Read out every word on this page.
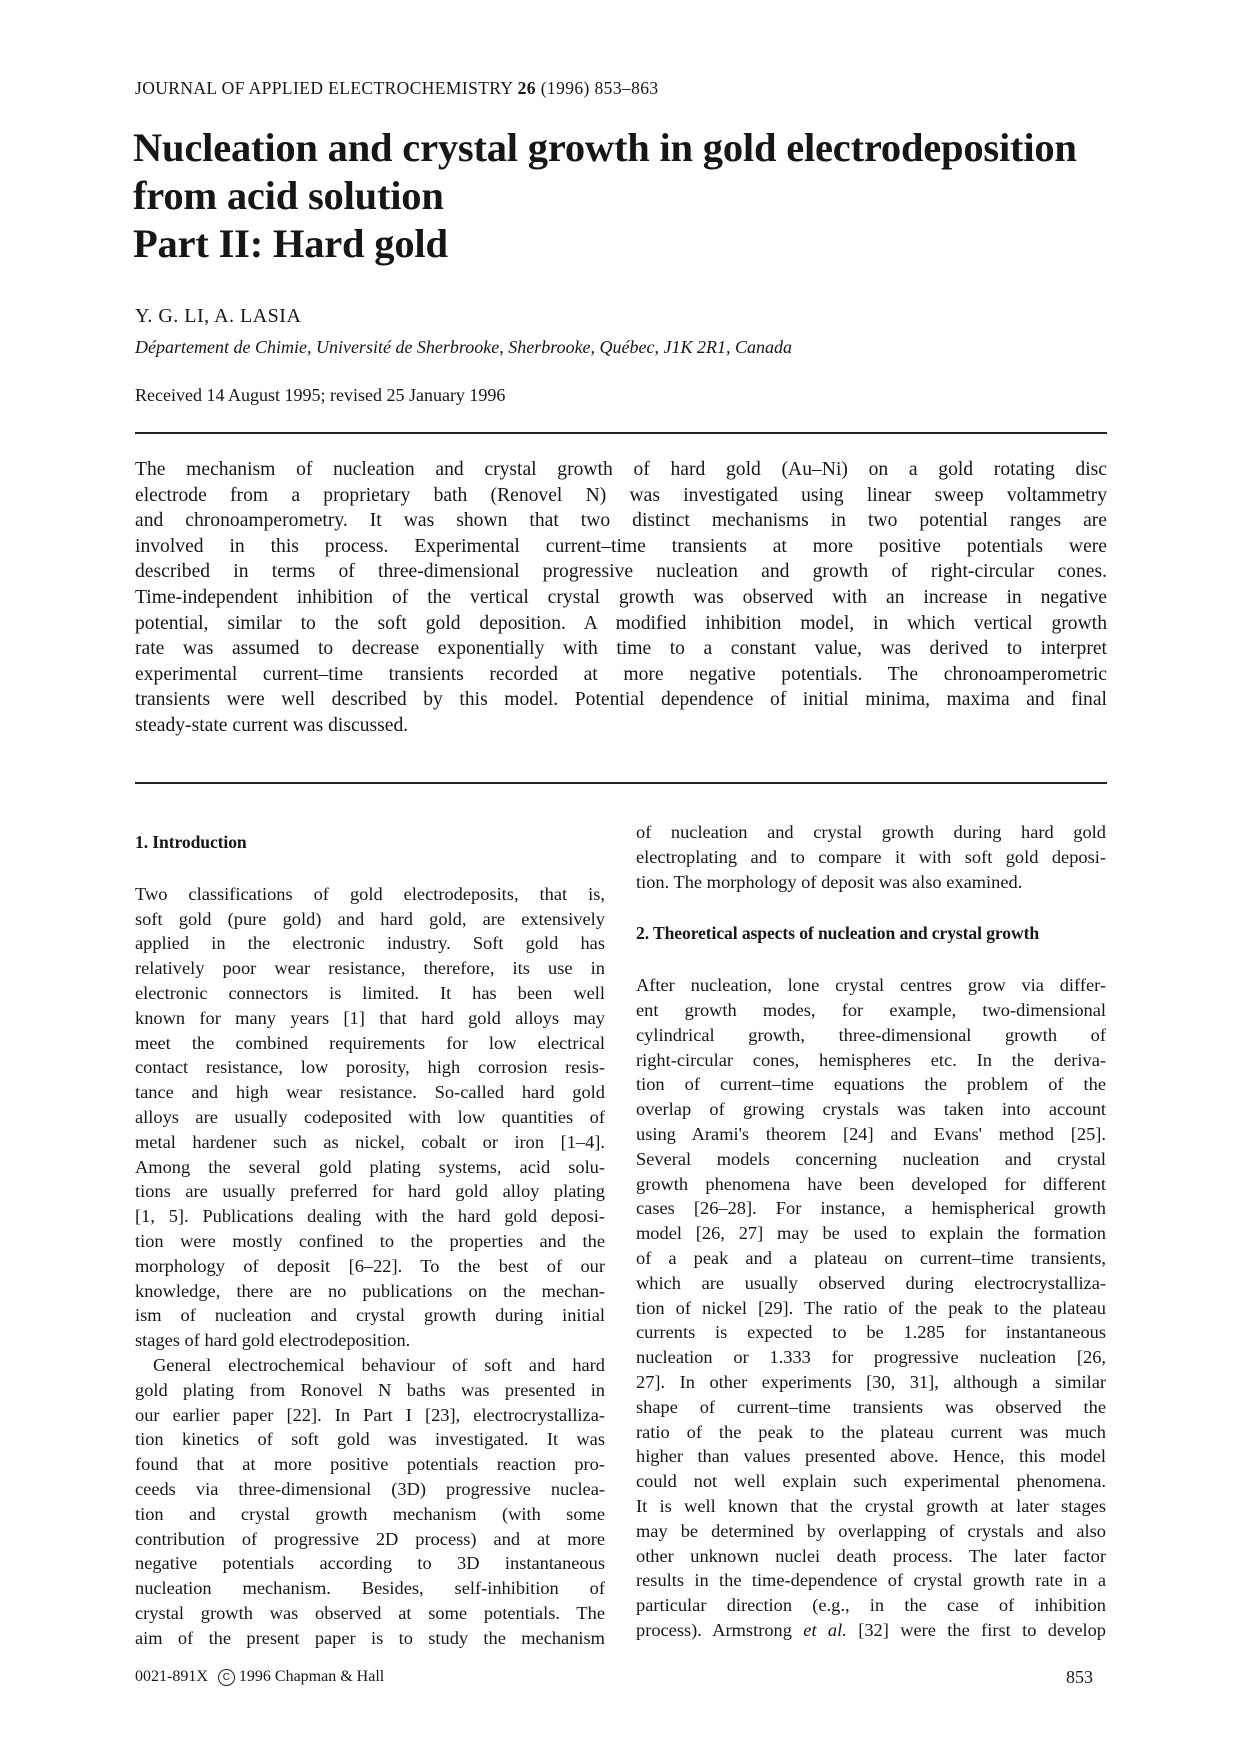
JOURNAL OF APPLIED ELECTROCHEMISTRY 26 (1996) 853–863
Nucleation and crystal growth in gold electrodeposition
from acid solution
Part II: Hard gold
Y. G. LI, A. LASIA
Département de Chimie, Université de Sherbrooke, Sherbrooke, Québec, J1K 2R1, Canada
Received 14 August 1995; revised 25 January 1996
The mechanism of nucleation and crystal growth of hard gold (Au–Ni) on a gold rotating disc
electrode from a proprietary bath (Renovel N) was investigated using linear sweep voltammetry
and chronoamperometry. It was shown that two distinct mechanisms in two potential ranges are
involved in this process. Experimental current–time transients at more positive potentials were
described in terms of three-dimensional progressive nucleation and growth of right-circular cones.
Time-independent inhibition of the vertical crystal growth was observed with an increase in negative
potential, similar to the soft gold deposition. A modified inhibition model, in which vertical growth
rate was assumed to decrease exponentially with time to a constant value, was derived to interpret
experimental current–time transients recorded at more negative potentials. The chronoamperometric
transients were well described by this model. Potential dependence of initial minima, maxima and final
steady-state current was discussed.
1. Introduction
Two classifications of gold electrodeposits, that is,
soft gold (pure gold) and hard gold, are extensively
applied in the electronic industry. Soft gold has
relatively poor wear resistance, therefore, its use in
electronic connectors is limited. It has been well
known for many years [1] that hard gold alloys may
meet the combined requirements for low electrical
contact resistance, low porosity, high corrosion resis-
tance and high wear resistance. So-called hard gold
alloys are usually codeposited with low quantities of
metal hardener such as nickel, cobalt or iron [1–4].
Among the several gold plating systems, acid solu-
tions are usually preferred for hard gold alloy plating
[1, 5]. Publications dealing with the hard gold deposi-
tion were mostly confined to the properties and the
morphology of deposit [6–22]. To the best of our
knowledge, there are no publications on the mechan-
ism of nucleation and crystal growth during initial
stages of hard gold electrodeposition.
General electrochemical behaviour of soft and hard
gold plating from Ronovel N baths was presented in
our earlier paper [22]. In Part I [23], electrocrystalliza-
tion kinetics of soft gold was investigated. It was
found that at more positive potentials reaction pro-
ceeds via three-dimensional (3D) progressive nuclea-
tion and crystal growth mechanism (with some
contribution of progressive 2D process) and at more
negative potentials according to 3D instantaneous
nucleation mechanism. Besides, self-inhibition of
crystal growth was observed at some potentials. The
aim of the present paper is to study the mechanism
of nucleation and crystal growth during hard gold
electroplating and to compare it with soft gold deposi-
tion. The morphology of deposit was also examined.
2. Theoretical aspects of nucleation and crystal growth
After nucleation, lone crystal centres grow via differ-
ent growth modes, for example, two-dimensional
cylindrical growth, three-dimensional growth of
right-circular cones, hemispheres etc. In the deriva-
tion of current–time equations the problem of the
overlap of growing crystals was taken into account
using Arami's theorem [24] and Evans' method [25].
Several models concerning nucleation and crystal
growth phenomena have been developed for different
cases [26–28]. For instance, a hemispherical growth
model [26, 27] may be used to explain the formation
of a peak and a plateau on current–time transients,
which are usually observed during electrocrystalliza-
tion of nickel [29]. The ratio of the peak to the plateau
currents is expected to be 1.285 for instantaneous
nucleation or 1.333 for progressive nucleation [26,
27]. In other experiments [30, 31], although a similar
shape of current–time transients was observed the
ratio of the peak to the plateau current was much
higher than values presented above. Hence, this model
could not well explain such experimental phenomena.
It is well known that the crystal growth at later stages
may be determined by overlapping of crystals and also
other unknown nuclei death process. The later factor
results in the time-dependence of crystal growth rate in a
particular direction (e.g., in the case of inhibition
process). Armstrong et al. [32] were the first to develop
0021-891XC 1996 Chapman & Hall	853
